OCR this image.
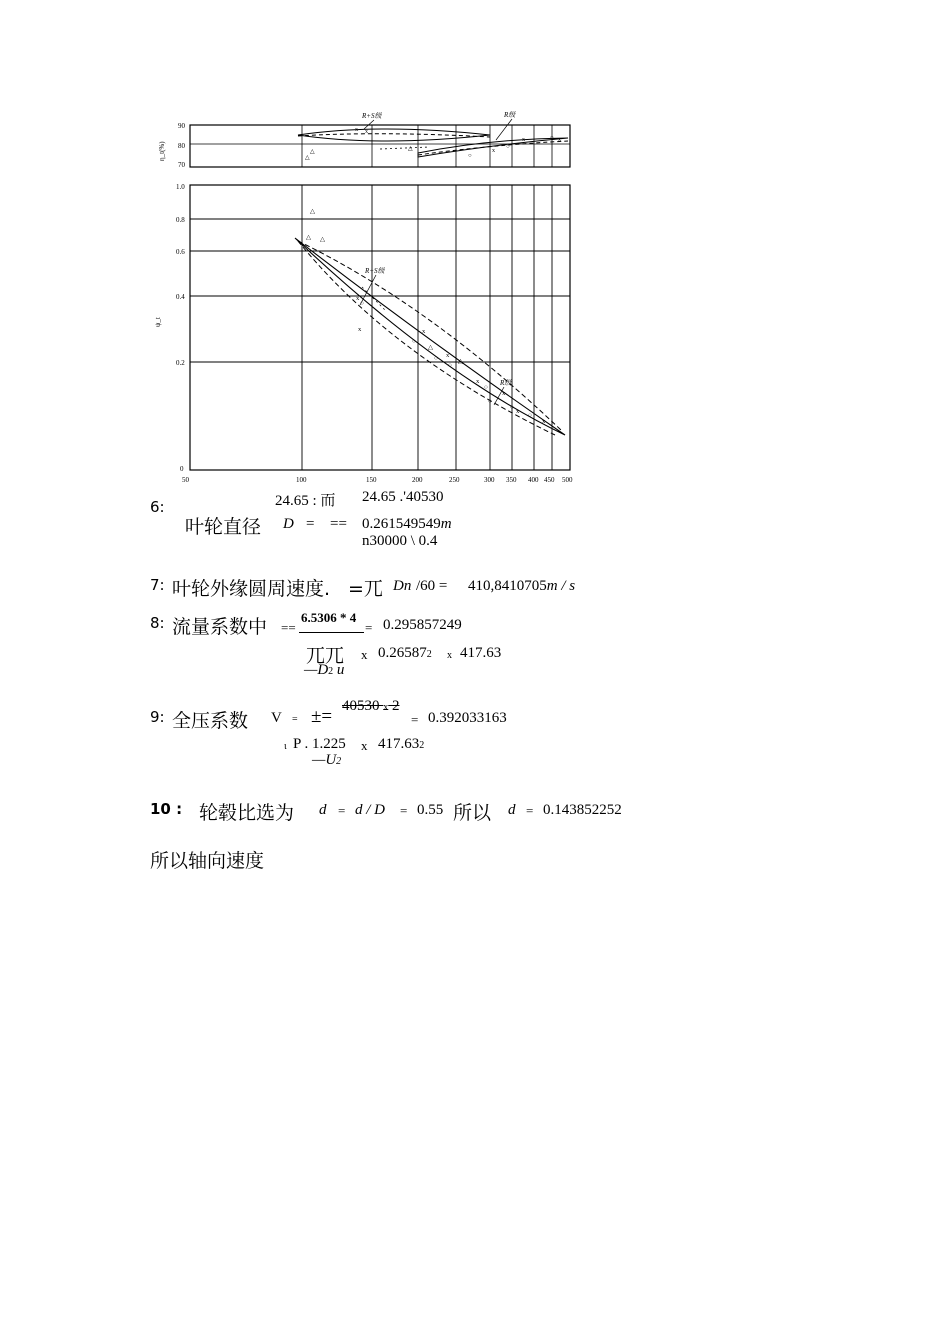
90
80
70
η_t(%)
R+S级	R级
△
△
x x
△
○
x
○
x	○ x
1.0
0.8
0.6
0.4
0.2
0
ψ_t
50	100	150	200	250	300 350 400 450 500
R+S级
R级
△
△ △
x
x
○
○
x
△
○ x
○
△
x
○
○
x
○
x
○
x
6:	24.65 : 而 24.65 .'40530
叶轮直径 D = == 0.261549549m
n30000 \ 0.4
7: 叶轮外缘圆周速度. =兀 Dn /60 = 410,8410705m / s
8: 流量系数中 ==
6.5306 * 4
= 0.295857249
兀兀 x 0.265872 x 417.63
—D2 u
9: 全压系数 V = ±= 40530 x 2
= 0.392033163
ι P . 1.225 x 417.632
—U2
10 : 轮毂比选为 d = d / D = 0.55 所以 d = 0.143852252
所以轴向速度
